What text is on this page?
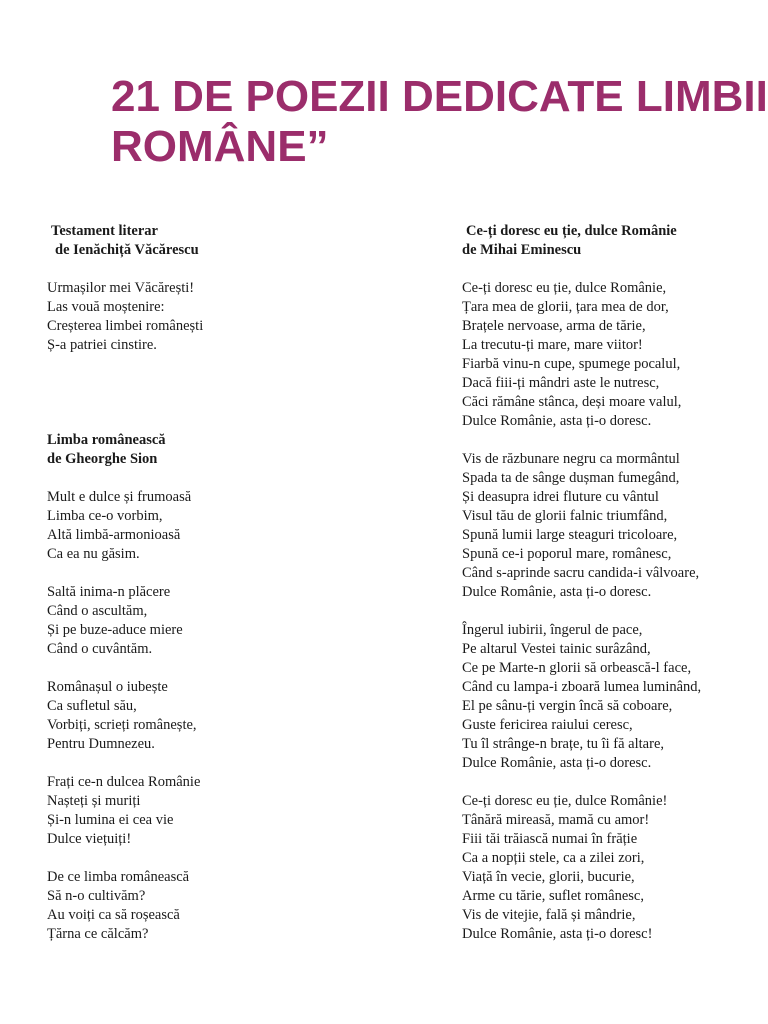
21 DE POEZII DEDICATE LIMBII
ROMÂNE”
Testament literar
de Ienăchiță Văcărescu
Urmașilor mei Văcărești!
Las vouă moștenire:
Creșterea limbei românești
Ș-a patriei cinstire.
Limba românească
de Gheorghe Sion
Mult e dulce și frumoasă
Limba ce-o vorbim,
Altă limbă-armonioasă
Ca ea nu găsim.
Saltă inima-n plăcere
Când o ascultăm,
Și pe buze-aduce miere
Când o cuvântăm.
Românașul o iubește
Ca sufletul său,
Vorbiți, scrieți românește,
Pentru Dumnezeu.
Frați ce-n dulcea Românie
Nașteți și muriți
Și-n lumina ei cea vie
Dulce viețuiți!
De ce limba românească
Să n-o cultivăm?
Au voiți ca să roșească
Țărna ce călcăm?
Ce-ți doresc eu ție, dulce Românie
de Mihai Eminescu
Ce-ți doresc eu ție, dulce Românie,
Țara mea de glorii, țara mea de dor,
Brațele nervoase, arma de tărie,
La trecutu-ți mare, mare viitor!
Fiarbă vinu-n cupe, spumege pocalul,
Dacă fiii-ți mândri aste le nutresc,
Căci rămâne stânca, deși moare valul,
Dulce Românie, asta ți-o doresc.
Vis de răzbunare negru ca mormântul
Spada ta de sânge dușman fumegând,
Și deasupra idrei fluture cu vântul
Visul tău de glorii falnic triumfând,
Spună lumii large steaguri tricoloare,
Spună ce-i poporul mare, românesc,
Când s-aprinde sacru candida-i vâlvoare,
Dulce Românie, asta ți-o doresc.
Îngerul iubirii, îngerul de pace,
Pe altarul Vestei tainic surâzând,
Ce pe Marte-n glorii să orbească-l face,
Când cu lampa-i zboară lumea luminând,
El pe sânu-ți vergin încă să coboare,
Guste fericirea raiului ceresc,
Tu îl strânge-n brațe, tu îi fă altare,
Dulce Românie, asta ți-o doresc.
Ce-ți doresc eu ție, dulce Românie!
Tânără mireasă, mamă cu amor!
Fiii tăi trăiască numai în frăție
Ca a nopții stele, ca a zilei zori,
Viață în vecie, glorii, bucurie,
Arme cu tărie, suflet românesc,
Vis de vitejie, fală și mândrie,
Dulce Românie, asta ți-o doresc!
